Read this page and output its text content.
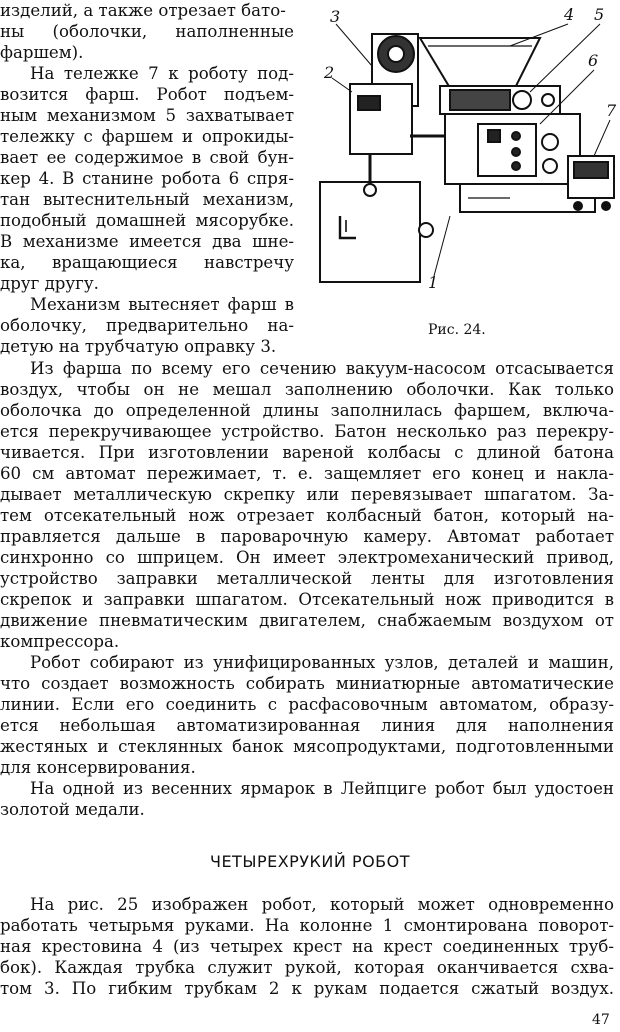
изделий, а также отрезает бато-
ны (оболочки, наполненные
фаршем).
На тележке 7 к роботу под-
возится фарш. Робот подъем-
ным механизмом 5 захватывает
тележку с фаршем и опрокиды-
вает ее содержимое в свой бун-
кер 4. В станине робота 6 спря-
тан вытеснительный механизм,
подобный домашней мясорубке.
В механизме имеется два шне-
ка, вращающиеся навстречу
друг другу.
Механизм вытесняет фарш в
оболочку, предварительно на-
детую на трубчатую оправку 3.
1
2
3	4 5
6
7
Рис. 24.
Из фарша по всему его сечению вакуум-насосом отсасывается
воздух, чтобы он не мешал заполнению оболочки. Как только
оболочка до определенной длины заполнилась фаршем, включа-
ется перекручивающее устройство. Батон несколько раз перекру-
чивается. При изготовлении вареной колбасы с длиной батона
60 см автомат пережимает, т. е. защемляет его конец и накла-
дывает металлическую скрепку или перевязывает шпагатом. За-
тем отсекательный нож отрезает колбасный батон, который на-
правляется дальше в пароварочную камеру. Автомат работает
синхронно со шприцем. Он имеет электромеханический привод,
устройство заправки металлической ленты для изготовления
скрепок и заправки шпагатом. Отсекательный нож приводится в
движение пневматическим двигателем, снабжаемым воздухом от
компрессора.
Робот собирают из унифицированных узлов, деталей и машин,
что создает возможность собирать миниатюрные автоматические
линии. Если его соединить с расфасовочным автоматом, образу-
ется небольшая автоматизированная линия для наполнения
жестяных и стеклянных банок мясопродуктами, подготовленными
для консервирования.
На одной из весенних ярмарок в Лейпциге робот был удостоен
золотой медали.
ЧЕТЫРЕХРУКИЙ РОБОТ
На рис. 25 изображен робот, который может одновременно
работать четырьмя руками. На колонне 1 смонтирована поворот-
ная крестовина 4 (из четырех крест на крест соединенных труб-
бок). Каждая трубка служит рукой, которая оканчивается схва-
том 3. По гибким трубкам 2 к рукам подается сжатый воздух.
47
